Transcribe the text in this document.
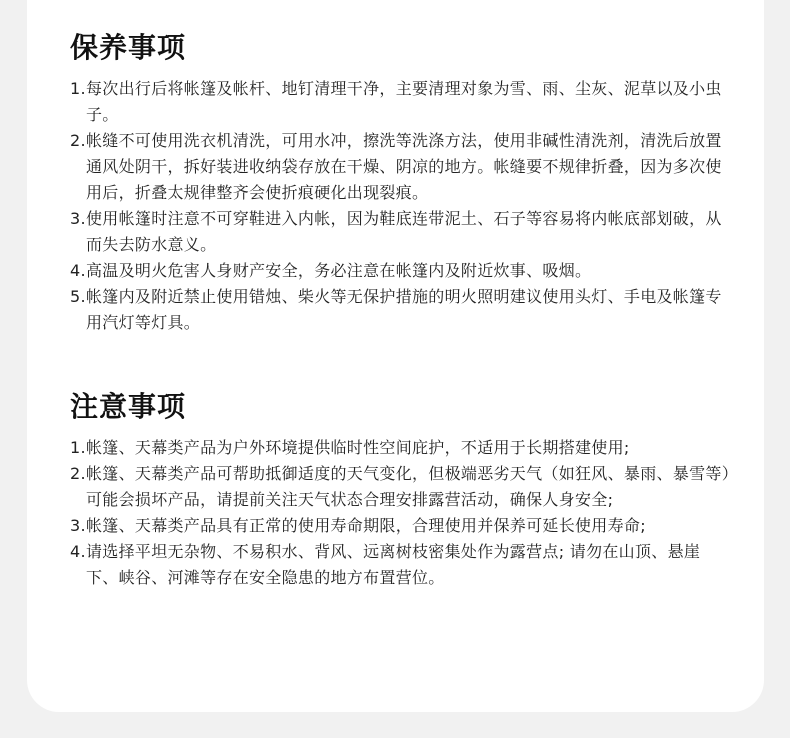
保养事项
1. 每次出行后将帐篷及帐杆、地钉清理干净，主要清理对象为雪、雨、尘灰、泥草以及小虫子。
2. 帐缝不可使用洗衣机清洗，可用水冲，擦洗等洗涤方法，使用非碱性清洗剂，清洗后放置通风处阴干，拆好装进收纳袋存放在干燥、阴凉的地方。帐缝要不规律折叠，因为多次使用后，折叠太规律整齐会使折痕硬化出现裂痕。
3. 使用帐篷时注意不可穿鞋进入内帐，因为鞋底连带泥土、石子等容易将内帐底部划破，从而失去防水意义。
4. 高温及明火危害人身财产安全，务必注意在帐篷内及附近炊事、吸烟。
5. 帐篷内及附近禁止使用错烛、柴火等无保护措施的明火照明建议使用头灯、手电及帐篷专用汽灯等灯具。
注意事项
1. 帐篷、天幕类产品为户外环境提供临时性空间庇护，不适用于长期搭建使用;
2. 帐篷、天幕类产品可帮助抵御适度的天气变化，但极端恶劣天气（如狂风、暴雨、暴雪等）可能会损坏产品，请提前关注天气状态合理安排露营活动，确保人身安全;
3. 帐篷、天幕类产品具有正常的使用寿命期限，合理使用并保养可延长使用寿命;
4. 请选择平坦无杂物、不易积水、背风、远离树枝密集处作为露营点; 请勿在山顶、悬崖下、峡谷、河滩等存在安全隐患的地方布置营位。
